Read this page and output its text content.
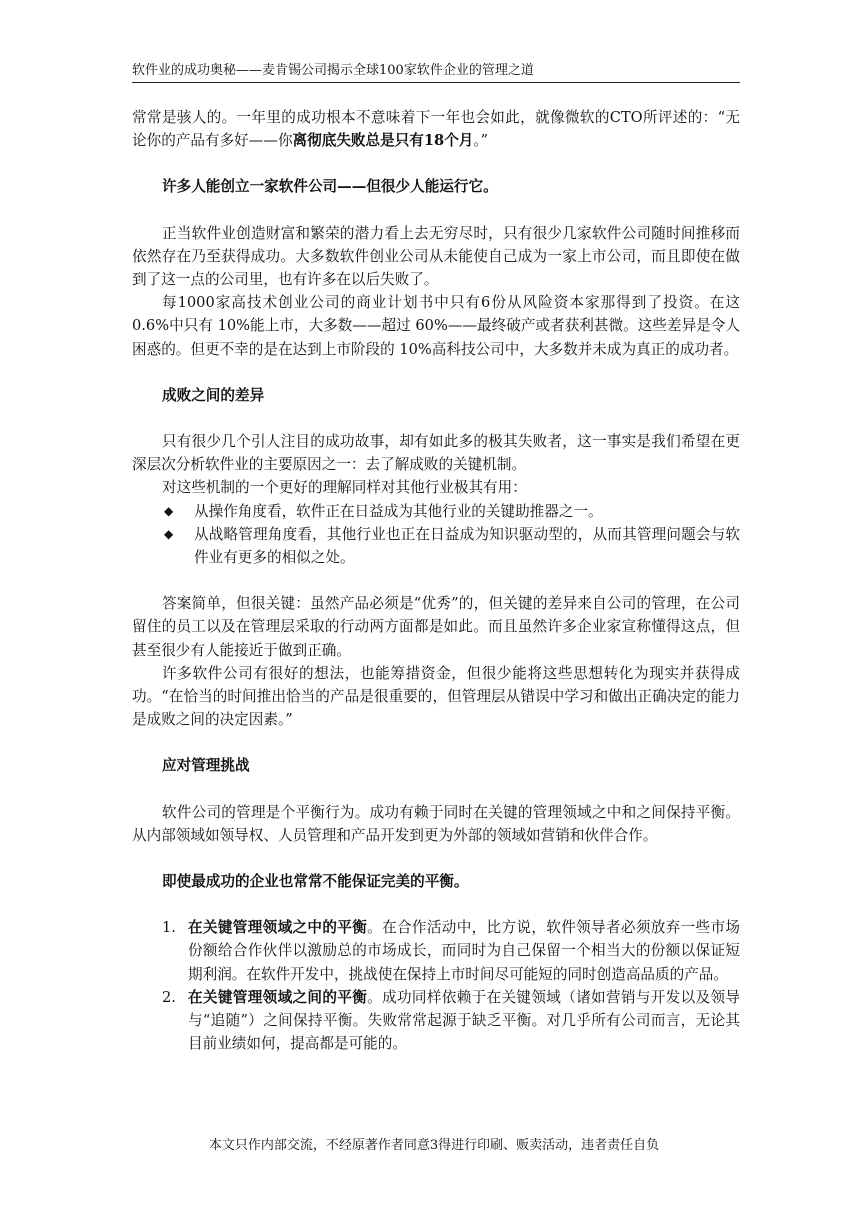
软件业的成功奥秘——麦肯锡公司揭示全球100家软件企业的管理之道

常常是骇人的。一年里的成功根本不意味着下一年也会如此，就像微软的CTO所评述的：“无论你的产品有多好——你离彻底失败总是只有18个月。”

许多人能创立一家软件公司——但很少人能运行它。

正当软件业创造财富和繁荣的潜力看上去无穷尽时，只有很少几家软件公司随时间推移而依然存在乃至获得成功。大多数软件创业公司从未能使自己成为一家上市公司，而且即使在做到了这一点的公司里，也有许多在以后失败了。

每1000家高技术创业公司的商业计划书中只有6份从风险资本家那得到了投资。在这0.6%中只有 10%能上市，大多数——超过 60%——最终破产或者获利甚微。这些差异是令人困惑的。但更不幸的是在达到上市阶段的 10%高科技公司中，大多数并未成为真正的成功者。

成败之间的差异

只有很少几个引人注目的成功故事，却有如此多的极其失败者，这一事实是我们希望在更深层次分析软件业的主要原因之一：去了解成败的关键机制。

对这些机制的一个更好的理解同样对其他行业极其有用：

◆ 从操作角度看，软件正在日益成为其他行业的关键助推器之一。
◆ 从战略管理角度看，其他行业也正在日益成为知识驱动型的，从而其管理问题会与软件业有更多的相似之处。

答案简单，但很关键：虽然产品必须是“优秀”的，但关键的差异来自公司的管理，在公司留住的员工以及在管理层采取的行动两方面都是如此。而且虽然许多企业家宣称懂得这点，但甚至很少有人能接近于做到正确。

许多软件公司有很好的想法，也能筹措资金，但很少能将这些思想转化为现实并获得成功。“在恰当的时间推出恰当的产品是很重要的，但管理层从错误中学习和做出正确决定的能力是成败之间的决定因素。”

应对管理挑战

软件公司的管理是个平衡行为。成功有赖于同时在关键的管理领域之中和之间保持平衡。从内部领域如领导权、人员管理和产品开发到更为外部的领域如营销和伙伴合作。

即使最成功的企业也常常不能保证完美的平衡。

1. 在关键管理领域之中的平衡。在合作活动中，比方说，软件领导者必须放弃一些市场份额给合作伙伴以激励总的市场成长，而同时为自己保留一个相当大的份额以保证短期利润。在软件开发中，挑战使在保持上市时间尽可能短的同时创造高品质的产品。
2. 在关键管理领域之间的平衡。成功同样依赖于在关键领域（诸如营销与开发以及领导与“追随”）之间保持平衡。失败常常起源于缺乏平衡。对几乎所有公司而言，无论其目前业绩如何，提高都是可能的。
本文只作内部交流，不经原著作者同意3得进行印刷、贩卖活动，违者责任自负
